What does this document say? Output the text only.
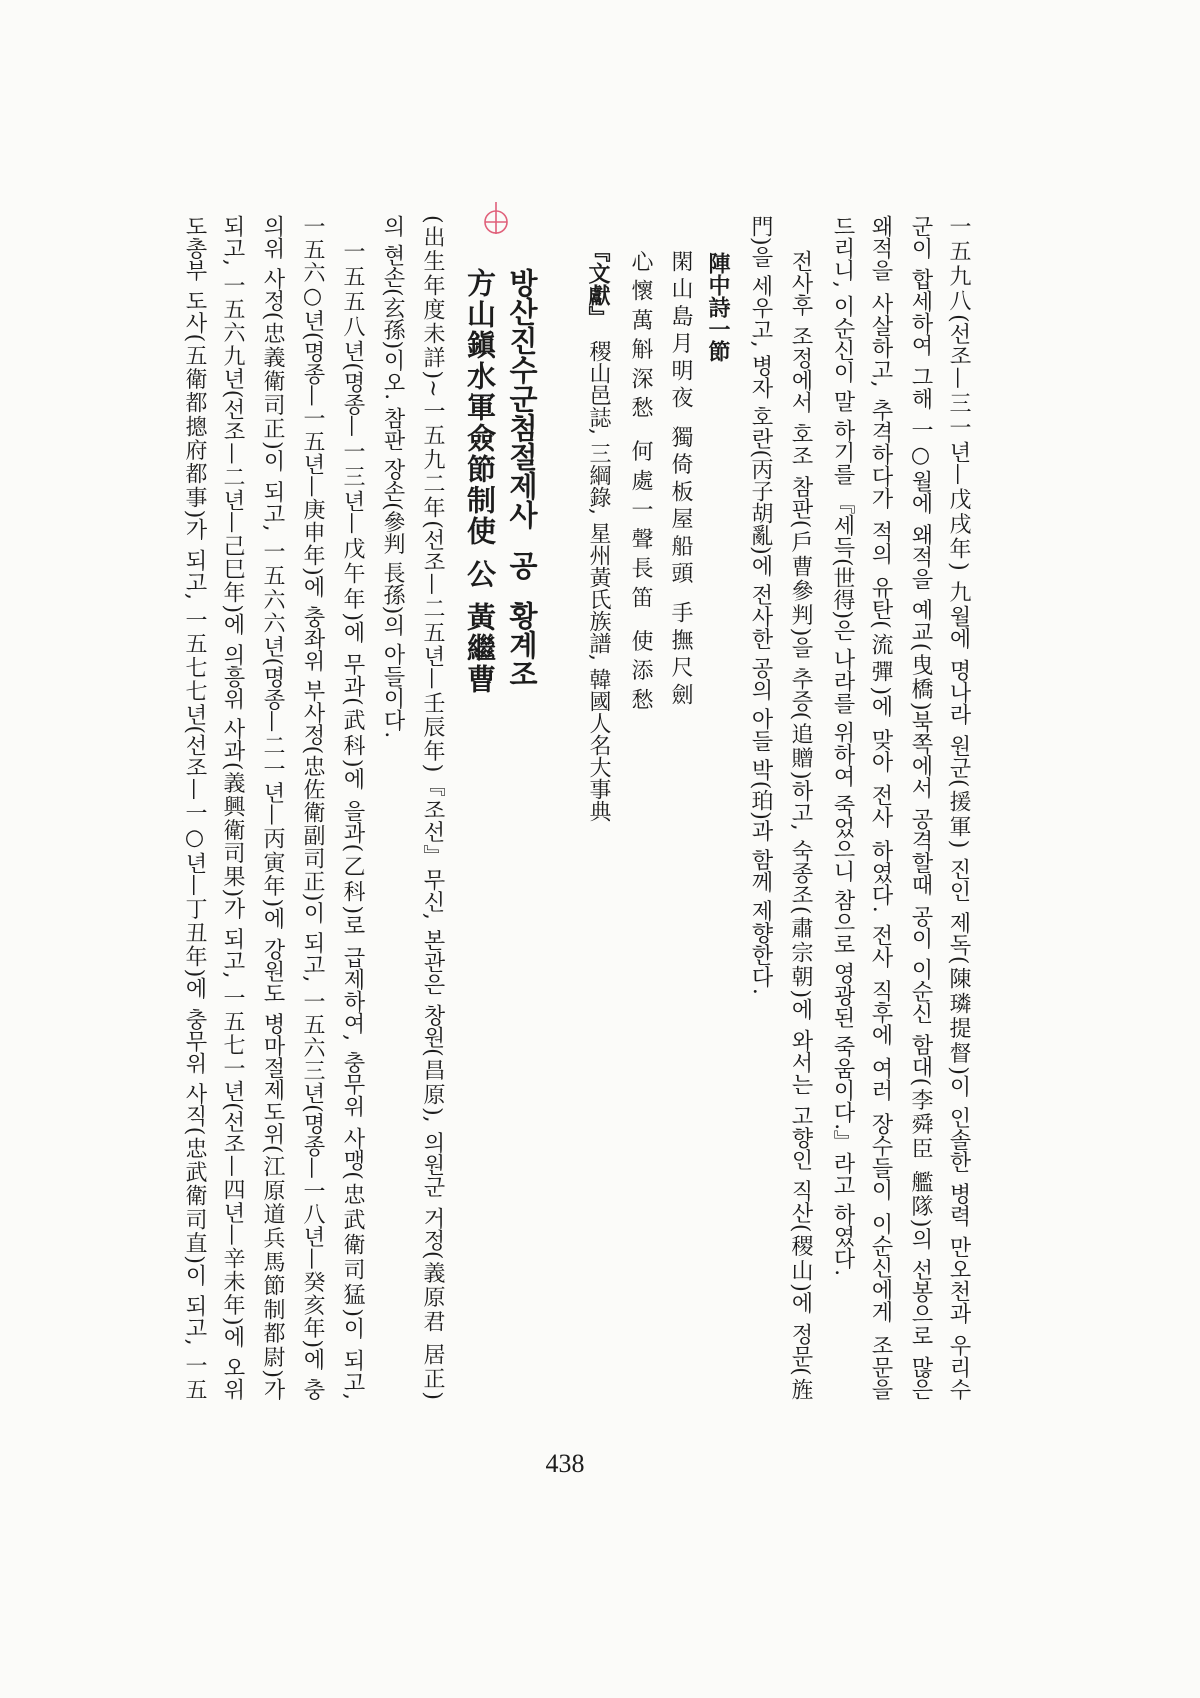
一五九八(선조—三一년—戊戌年) 九월에 명나라 원군(援軍) 진인 제독(陳璘提督)이 인솔한 병력 만오천과 우리수
군이 합세하여 그해 一○월에 왜적을 예교(曳橋)북쪽에서 공격할때 공이 이순신 함대(李舜臣 艦隊)의 선봉으로 많은
왜적을 사살하고, 추격하다가 적의 유탄(流彈)에 맞아 전사 하였다. 전사 직후에 여러 장수들이 이순신에게 조문을
드리니, 이순신이 말 하기를 『세득(世得)은 나라를 위하여 죽었으니 참으로 영광된 죽움이다.』라고 하였다.
전사후 조정에서 호조 참판(戶曹參判)을 추증(追贈)하고, 숙종조(肅宗朝)에 와서는 고향인 직산(稷山)에 정문(旌
門)을 세우고, 병자 호란(丙子胡亂)에 전사한 공의 아들 박(珀)과 함께 제향한다.
陣中詩一節
閑山島月明夜 獨倚板屋船頭 手撫尺劍
心懷萬斛深愁 何處一聲長笛 使添愁
『文獻』稷山邑誌, 三綱錄, 星州黃氏族譜, 韓國人名大事典
방산진수군첨절제사 공 황계조
方山鎭水軍僉節制使 公 黃繼曹
(出生年度未詳)~一五九二年(선조—二五년—壬辰年)『조선』무신, 본관은 창원(昌原), 의원군 거정(義原君 居正)
의 현손(玄孫)이오. 참판 장손(參判 長孫)의 아들이다.
一五五八년(명종—一三년—戊午年)에 무과(武科)에 을과(乙科)로 급제하여, 충무위 사맹(忠武衛司猛)이 되고,
一五六○년(명종—一五년—庚申年)에 충좌위 부사정(忠佐衛副司正)이 되고, 一五六三년(명종—一八년—癸亥年)에 충
의위 사정(忠義衛司正)이 되고, 一五六六년(명종—二一년—丙寅年)에 강원도 병마절제도위(江原道兵馬節制都尉)가
되고, 一五六九년(선조—二년—己巳年)에 의흥위 사과(義興衛司果)가 되고, 一五七一년(선조—四년—辛未年)에 오위
도총부 도사(五衛都摠府都事)가 되고, 一五七七년(선조—一○년—丁丑年)에 충무위 사직(忠武衛司直)이 되고, 一五
438
